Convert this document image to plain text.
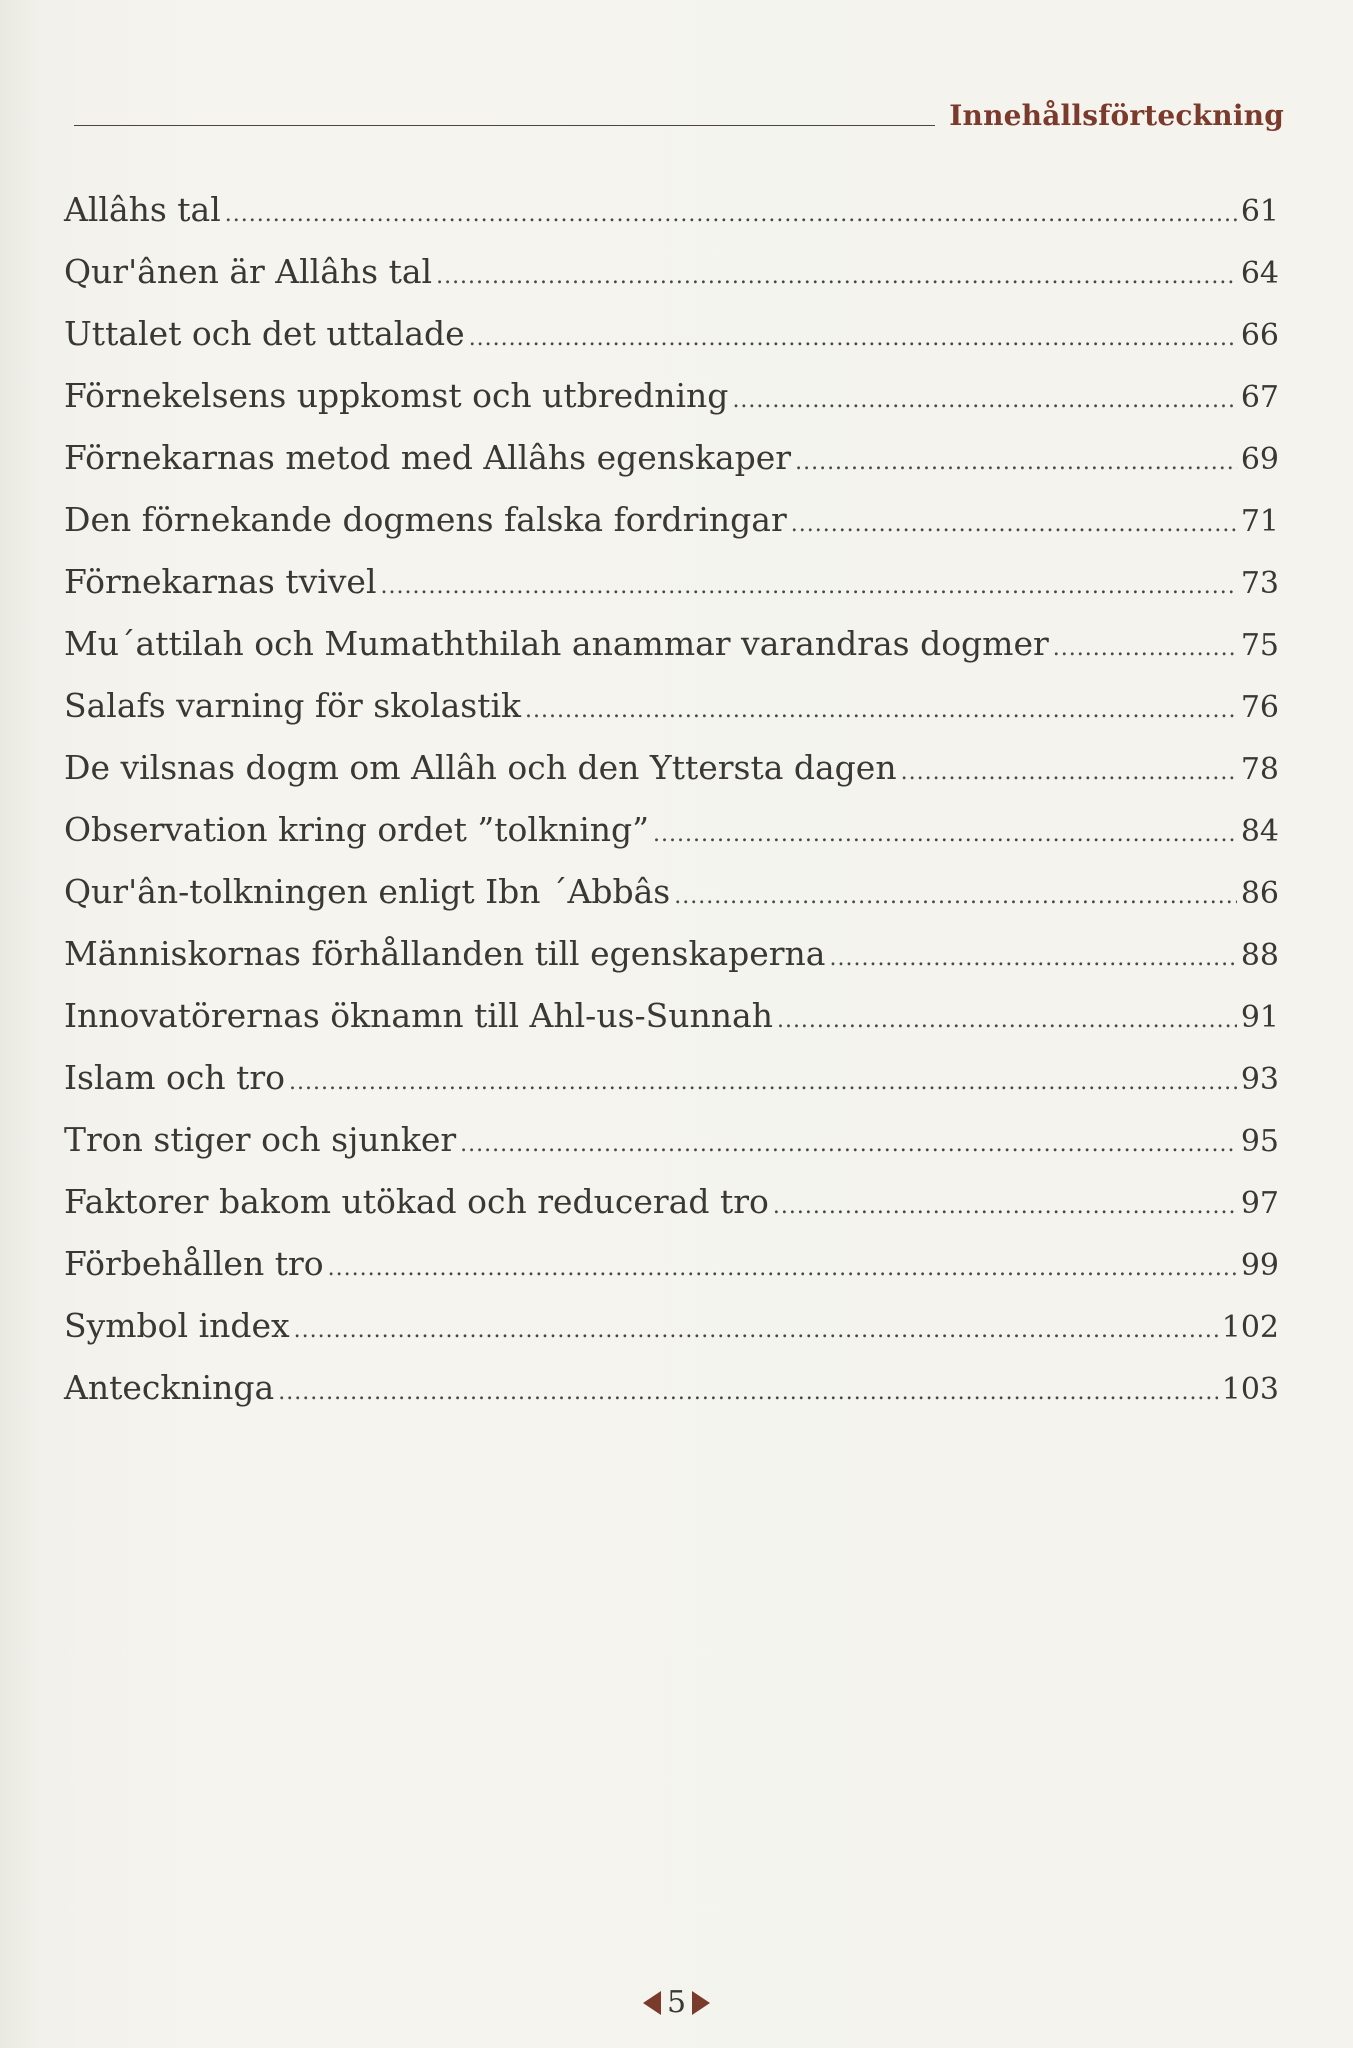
Innehållsförteckning
Allâhs tal .....	61
Qur'ânen är Allâhs tal .....	64
Uttalet och det uttalade .....	66
Förnekelsens uppkomst och utbredning .....	67
Förnekarnas metod med Allâhs egenskaper .....	69
Den förnekande dogmens falska fordringar .....	71
Förnekarnas tvivel .....	73
Mu´attilah och Mumaththilah anammar varandras dogmer .....	75
Salafs varning för skolastik .....	76
De vilsnas dogm om Allâh och den Yttersta dagen .....	78
Observation kring ordet ”tolkning” .....	84
Qur'ân-tolkningen enligt Ibn ´Abbâs .....	86
Människornas förhållanden till egenskaperna .....	88
Innovatörernas öknamn till Ahl-us-Sunnah .....	91
Islam och tro .....	93
Tron stiger och sjunker .....	95
Faktorer bakom utökad och reducerad tro .....	97
Förbehållen tro .....	99
Symbol index .....	102
Anteckninga .....	103
5
